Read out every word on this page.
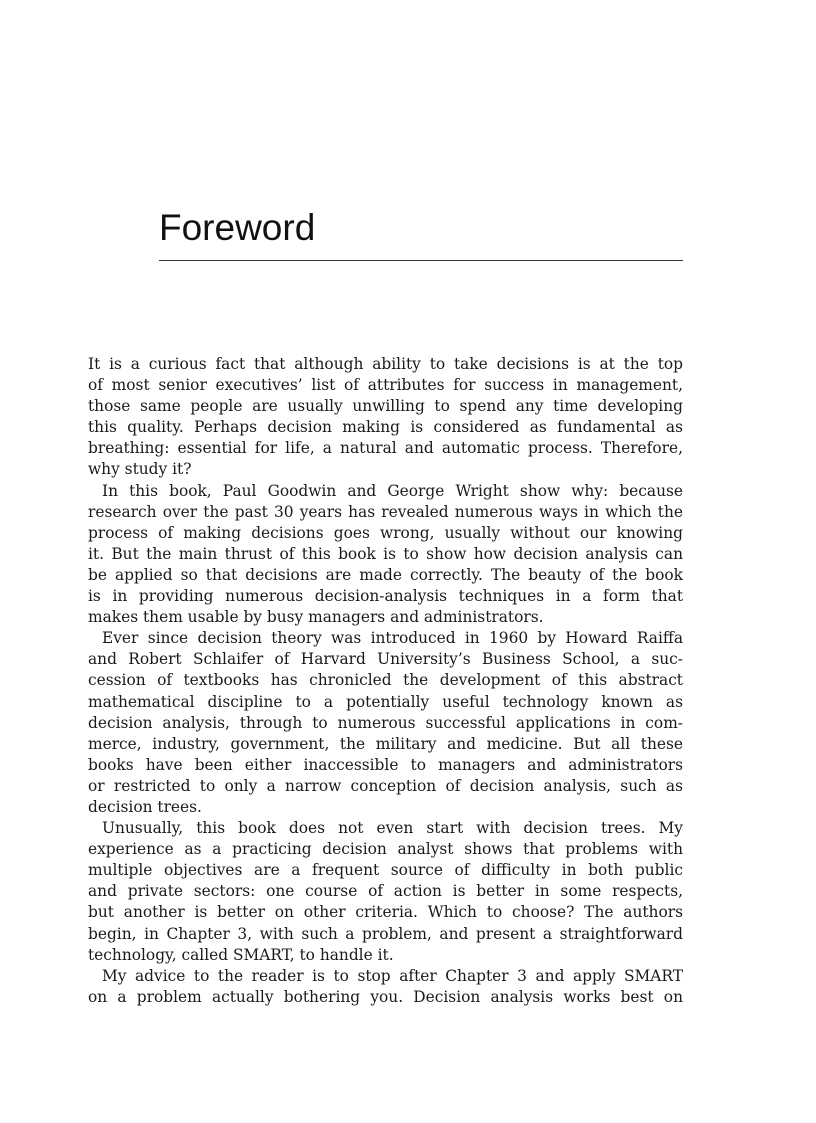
Foreword
It is a curious fact that although ability to take decisions is at the top
of most senior executives’ list of attributes for success in management,
those same people are usually unwilling to spend any time developing
this quality. Perhaps decision making is considered as fundamental as
breathing: essential for life, a natural and automatic process. Therefore,
why study it?
In this book, Paul Goodwin and George Wright show why: because
research over the past 30 years has revealed numerous ways in which the
process of making decisions goes wrong, usually without our knowing
it. But the main thrust of this book is to show how decision analysis can
be applied so that decisions are made correctly. The beauty of the book
is in providing numerous decision-analysis techniques in a form that
makes them usable by busy managers and administrators.
Ever since decision theory was introduced in 1960 by Howard Raiffa
and Robert Schlaifer of Harvard University’s Business School, a suc-
cession of textbooks has chronicled the development of this abstract
mathematical discipline to a potentially useful technology known as
decision analysis, through to numerous successful applications in com-
merce, industry, government, the military and medicine. But all these
books have been either inaccessible to managers and administrators
or restricted to only a narrow conception of decision analysis, such as
decision trees.
Unusually, this book does not even start with decision trees. My
experience as a practicing decision analyst shows that problems with
multiple objectives are a frequent source of difficulty in both public
and private sectors: one course of action is better in some respects,
but another is better on other criteria. Which to choose? The authors
begin, in Chapter 3, with such a problem, and present a straightforward
technology, called SMART, to handle it.
My advice to the reader is to stop after Chapter 3 and apply SMART
on a problem actually bothering you. Decision analysis works best on
